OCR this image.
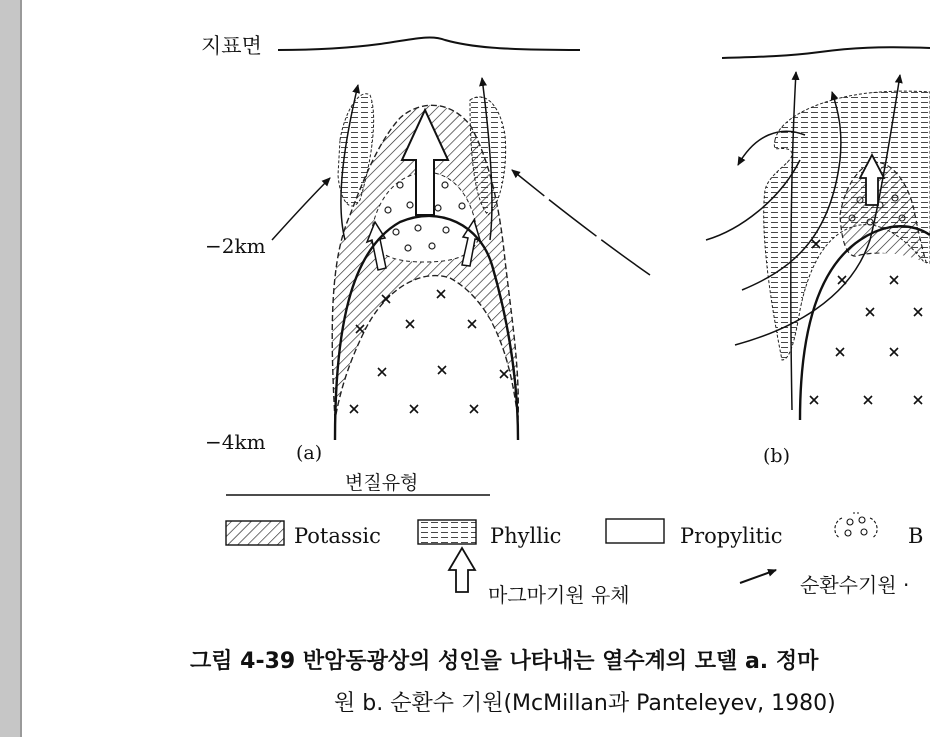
지표면
−2km
−4km (a)	(b)
변질유형
Potassic	Phyllic	Propylitic	B
마그마기원 유체	순환수기원 ·
그림 4-39 반암동광상의 성인을 나타내는 열수계의 모델 a. 정마
원 b. 순환수 기원(McMillan과 Panteleyev, 1980)
